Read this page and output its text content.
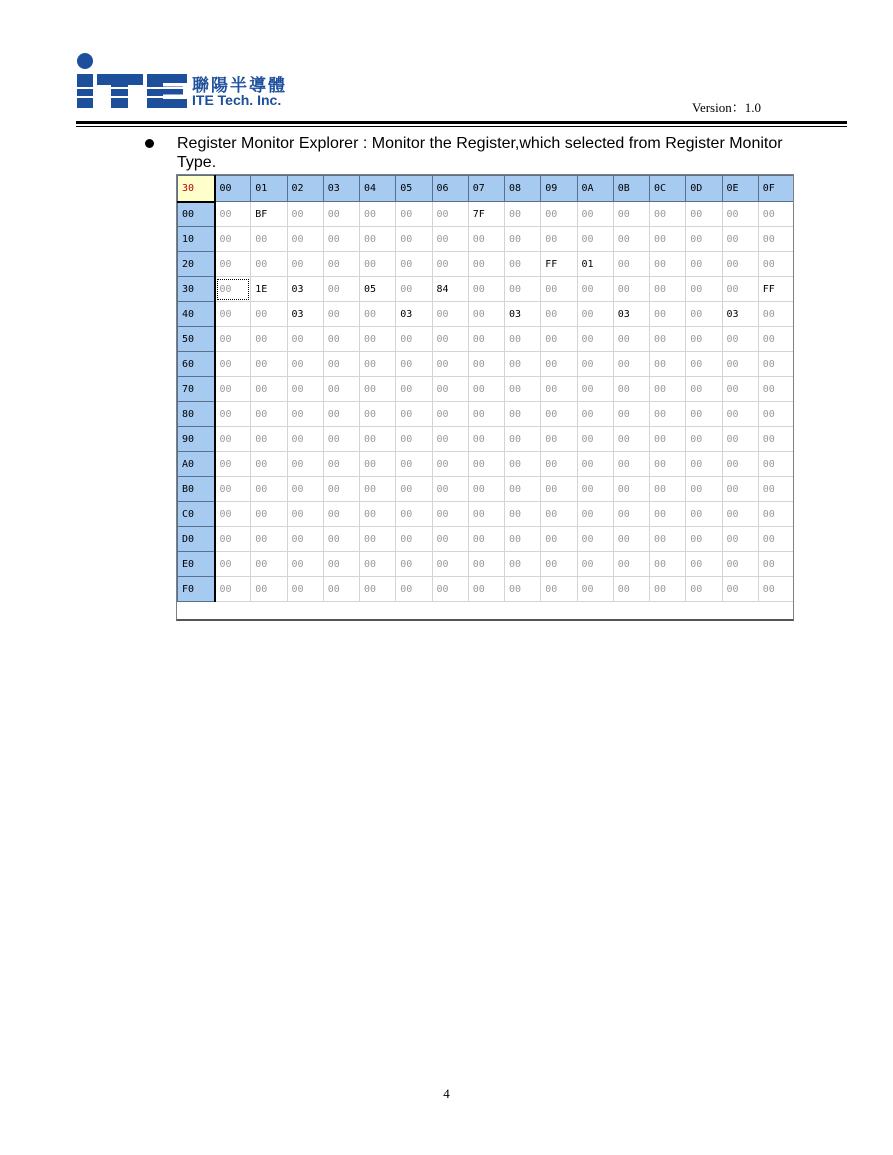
聯陽半導體
ITE Tech. Inc.	Version：1.0
Register Monitor Explorer : Monitor the Register,which selected from Register Monitor Type.
30	00	01	02	03	04	05	06	07	08	09	0A	0B	0C	0D	0E	0F
00	00	BF	00	00	00	00	00	7F	00	00	00	00	00	00	00	00
10	00	00	00	00	00	00	00	00	00	00	00	00	00	00	00	00
20	00	00	00	00	00	00	00	00	00	FF	01	00	00	00	00	00
30	00	1E	03	00	05	00	84	00	00	00	00	00	00	00	00	FF
40	00	00	03	00	00	03	00	00	03	00	00	03	00	00	03	00
50	00	00	00	00	00	00	00	00	00	00	00	00	00	00	00	00
60	00	00	00	00	00	00	00	00	00	00	00	00	00	00	00	00
70	00	00	00	00	00	00	00	00	00	00	00	00	00	00	00	00
80	00	00	00	00	00	00	00	00	00	00	00	00	00	00	00	00
90	00	00	00	00	00	00	00	00	00	00	00	00	00	00	00	00
A0	00	00	00	00	00	00	00	00	00	00	00	00	00	00	00	00
B0	00	00	00	00	00	00	00	00	00	00	00	00	00	00	00	00
C0	00	00	00	00	00	00	00	00	00	00	00	00	00	00	00	00
D0	00	00	00	00	00	00	00	00	00	00	00	00	00	00	00	00
E0	00	00	00	00	00	00	00	00	00	00	00	00	00	00	00	00
F0	00	00	00	00	00	00	00	00	00	00	00	00	00	00	00	00
4
